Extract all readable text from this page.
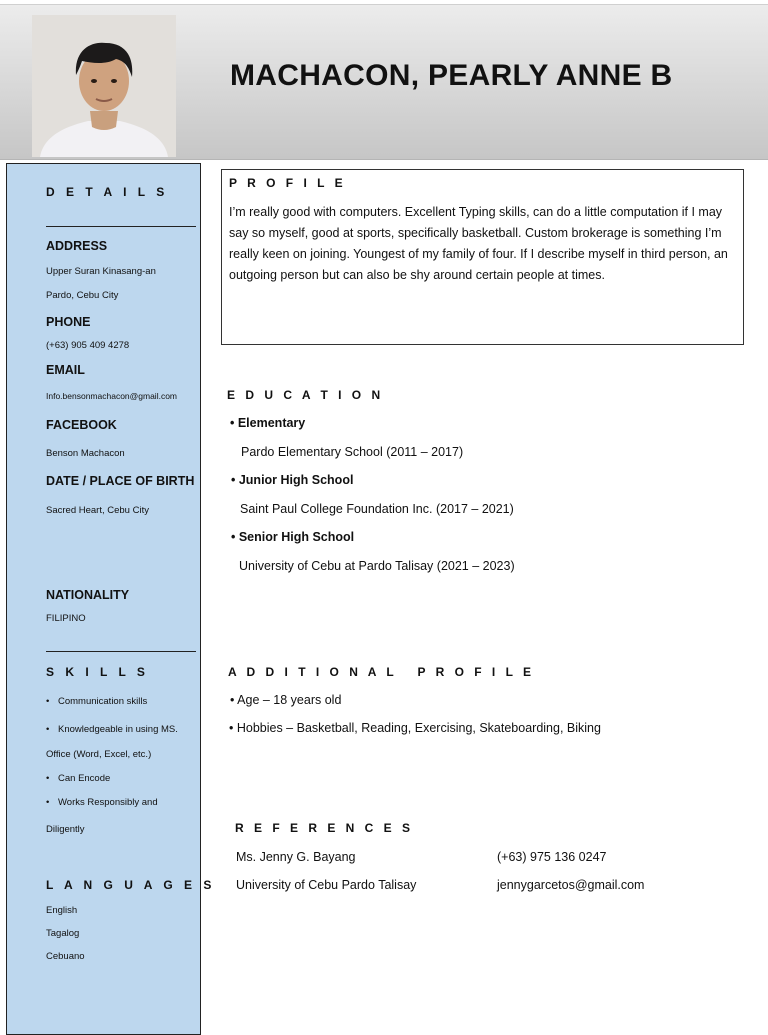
MACHACON, PEARLY ANNE B
D E T A I L S
ADDRESS
Upper Suran Kinasang-an
Pardo, Cebu City
PHONE
(+63) 905 409 4278
EMAIL
Info.bensonmachacon@gmail.com
FACEBOOK
Benson Machacon
DATE / PLACE OF BIRTH
Sacred Heart, Cebu City
NATIONALITY
FILIPINO
S K I L L S
• Communication skills
• Knowledgeable in using MS.
Office (Word, Excel, etc.)
• Can Encode
• Works Responsibly and
Diligently
L A N G U A G E S
English
Tagalog
Cebuano
P R O F I L E
I’m really good with computers. Excellent Typing skills, can do a little computation if I may say so myself, good at sports, specifically basketball. Custom brokerage is something I’m really keen on joining. Youngest of my family of four. If I describe myself in third person, an outgoing person but can also be shy around certain people at times.
E D U C A T I O N
• Elementary
Pardo Elementary School (2011 – 2017)
• Junior High School
Saint Paul College Foundation Inc. (2017 – 2021)
• Senior High School
University of Cebu at Pardo Talisay (2021 – 2023)
A D D I T I O N A L   P R O F I L E
• Age – 18 years old
• Hobbies – Basketball, Reading, Exercising, Skateboarding, Biking
R E F E R E N C E S
Ms. Jenny G. Bayang	(+63) 975 136 0247
University of Cebu Pardo Talisay	jennygarcetos@gmail.com
